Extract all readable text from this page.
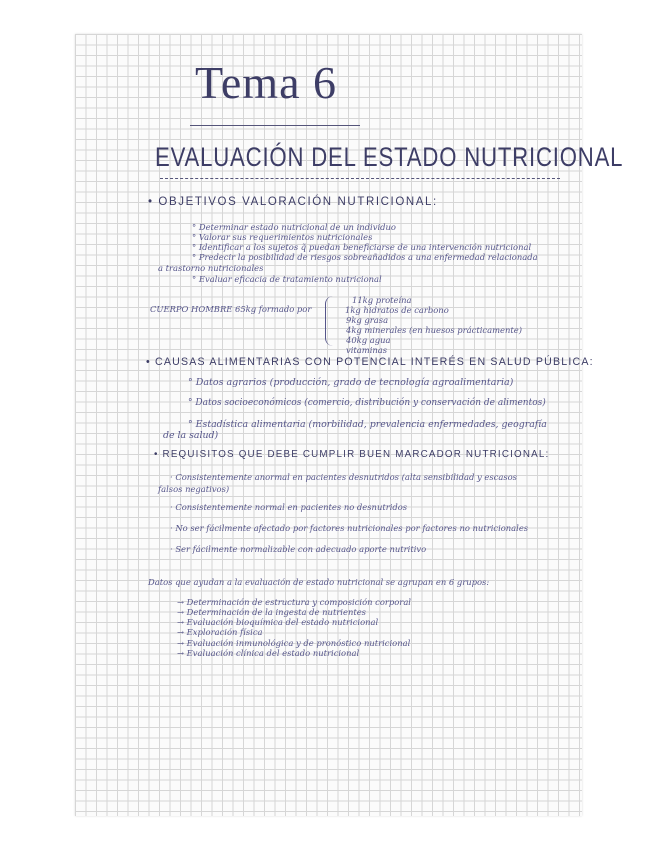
Tema 6
EVALUACIÓN DEL ESTADO NUTRICIONAL
• OBJETIVOS VALORACIÓN NUTRICIONAL:
° Determinar estado nutricional de un individuo
° Valorar sus requerimientos nutricionales
° Identificar a los sujetos q̃ puedan beneficiarse de una intervención nutricional
° Predecir la posibilidad de riesgos sobreañadidos a una enfermedad relacionada
a trastorno nutricionales
° Evaluar eficacia de tratamiento nutricional
CUERPO HOMBRE 65kg formado por
11kg proteína
1kg hidratos de carbono
9kg grasa
4kg minerales (en huesos prácticamente)
40kg agua
vitaminas
• CAUSAS ALIMENTARIAS CON POTENCIAL INTERÉS EN SALUD PÚBLICA:
° Datos agrarios (producción, grado de tecnología agroalimentaria)
° Datos socioeconómicos (comercio, distribución y conservación de alimentos)
° Estadística alimentaria (morbilidad, prevalencia enfermedades, geografía
de la salud)
• REQUISITOS QUE DEBE CUMPLIR BUEN MARCADOR NUTRICIONAL:
· Consistentemente anormal en pacientes desnutridos (alta sensibilidad y escasos
falsos negativos)
· Consistentemente normal en pacientes no desnutridos
· No ser fácilmente afectado por factores nutricionales por factores no nutricionales
· Ser fácilmente normalizable con adecuado aporte nutritivo
Datos que ayudan a la evaluación de estado nutricional se agrupan en 6 grupos:
→ Determinación de estructura y composición corporal
→ Determinación de la ingesta de nutrientes
→ Evaluación bioquímica del estado nutricional
→ Exploración física
→ Evaluación inmunológica y de pronóstico nutricional
→ Evaluación clínica del estado nutricional
